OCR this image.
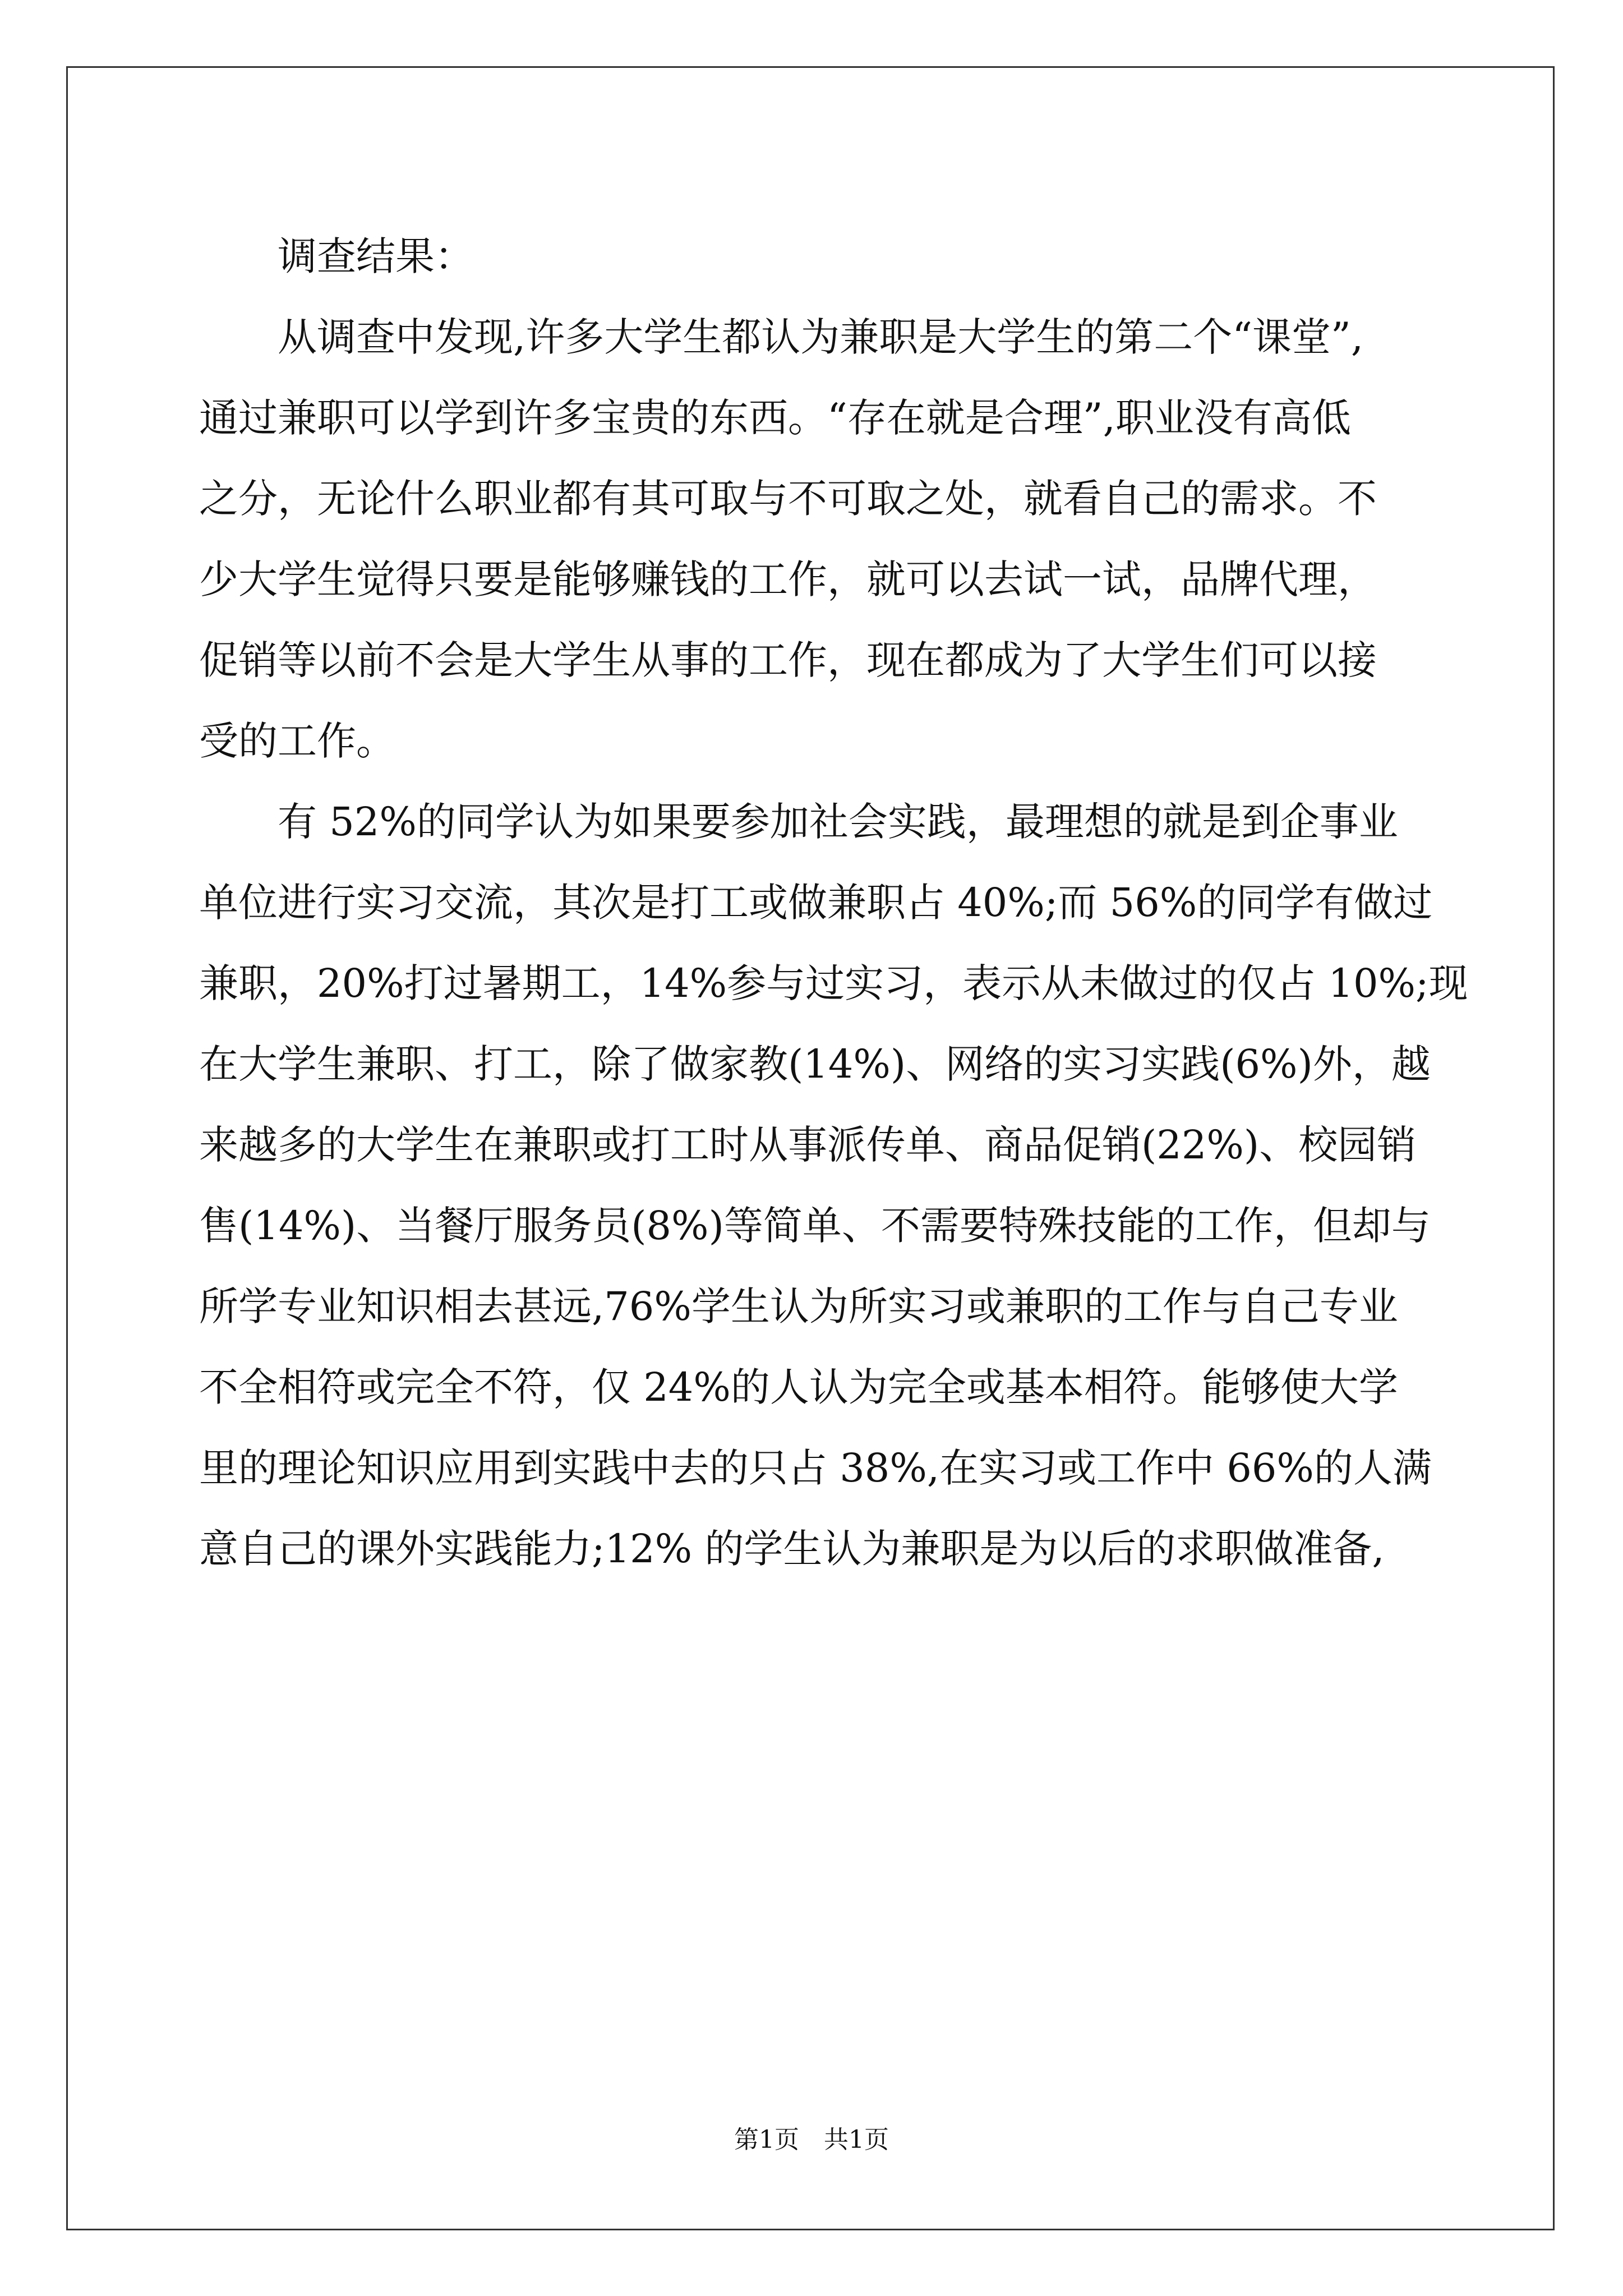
调查结果：
从调查中发现,许多大学生都认为兼职是大学生的第二个“课堂”,
通过兼职可以学到许多宝贵的东西。“存在就是合理”,职业没有高低
之分，无论什么职业都有其可取与不可取之处，就看自己的需求。不
少大学生觉得只要是能够赚钱的工作，就可以去试一试，品牌代理，
促销等以前不会是大学生从事的工作，现在都成为了大学生们可以接
受的工作。
有 52%的同学认为如果要参加社会实践，最理想的就是到企事业
单位进行实习交流，其次是打工或做兼职占 40%;而 56%的同学有做过
兼职，20%打过暑期工，14%参与过实习，表示从未做过的仅占 10%;现
在大学生兼职、打工，除了做家教(14%)、网络的实习实践(6%)外，越
来越多的大学生在兼职或打工时从事派传单、商品促销(22%)、校园销
售(14%)、当餐厅服务员(8%)等简单、不需要特殊技能的工作，但却与
所学专业知识相去甚远,76%学生认为所实习或兼职的工作与自己专业
不全相符或完全不符，仅 24%的人认为完全或基本相符。能够使大学
里的理论知识应用到实践中去的只占 38%,在实习或工作中 66%的人满
意自己的课外实践能力;12% 的学生认为兼职是为以后的求职做准备,
第1页　共1页
